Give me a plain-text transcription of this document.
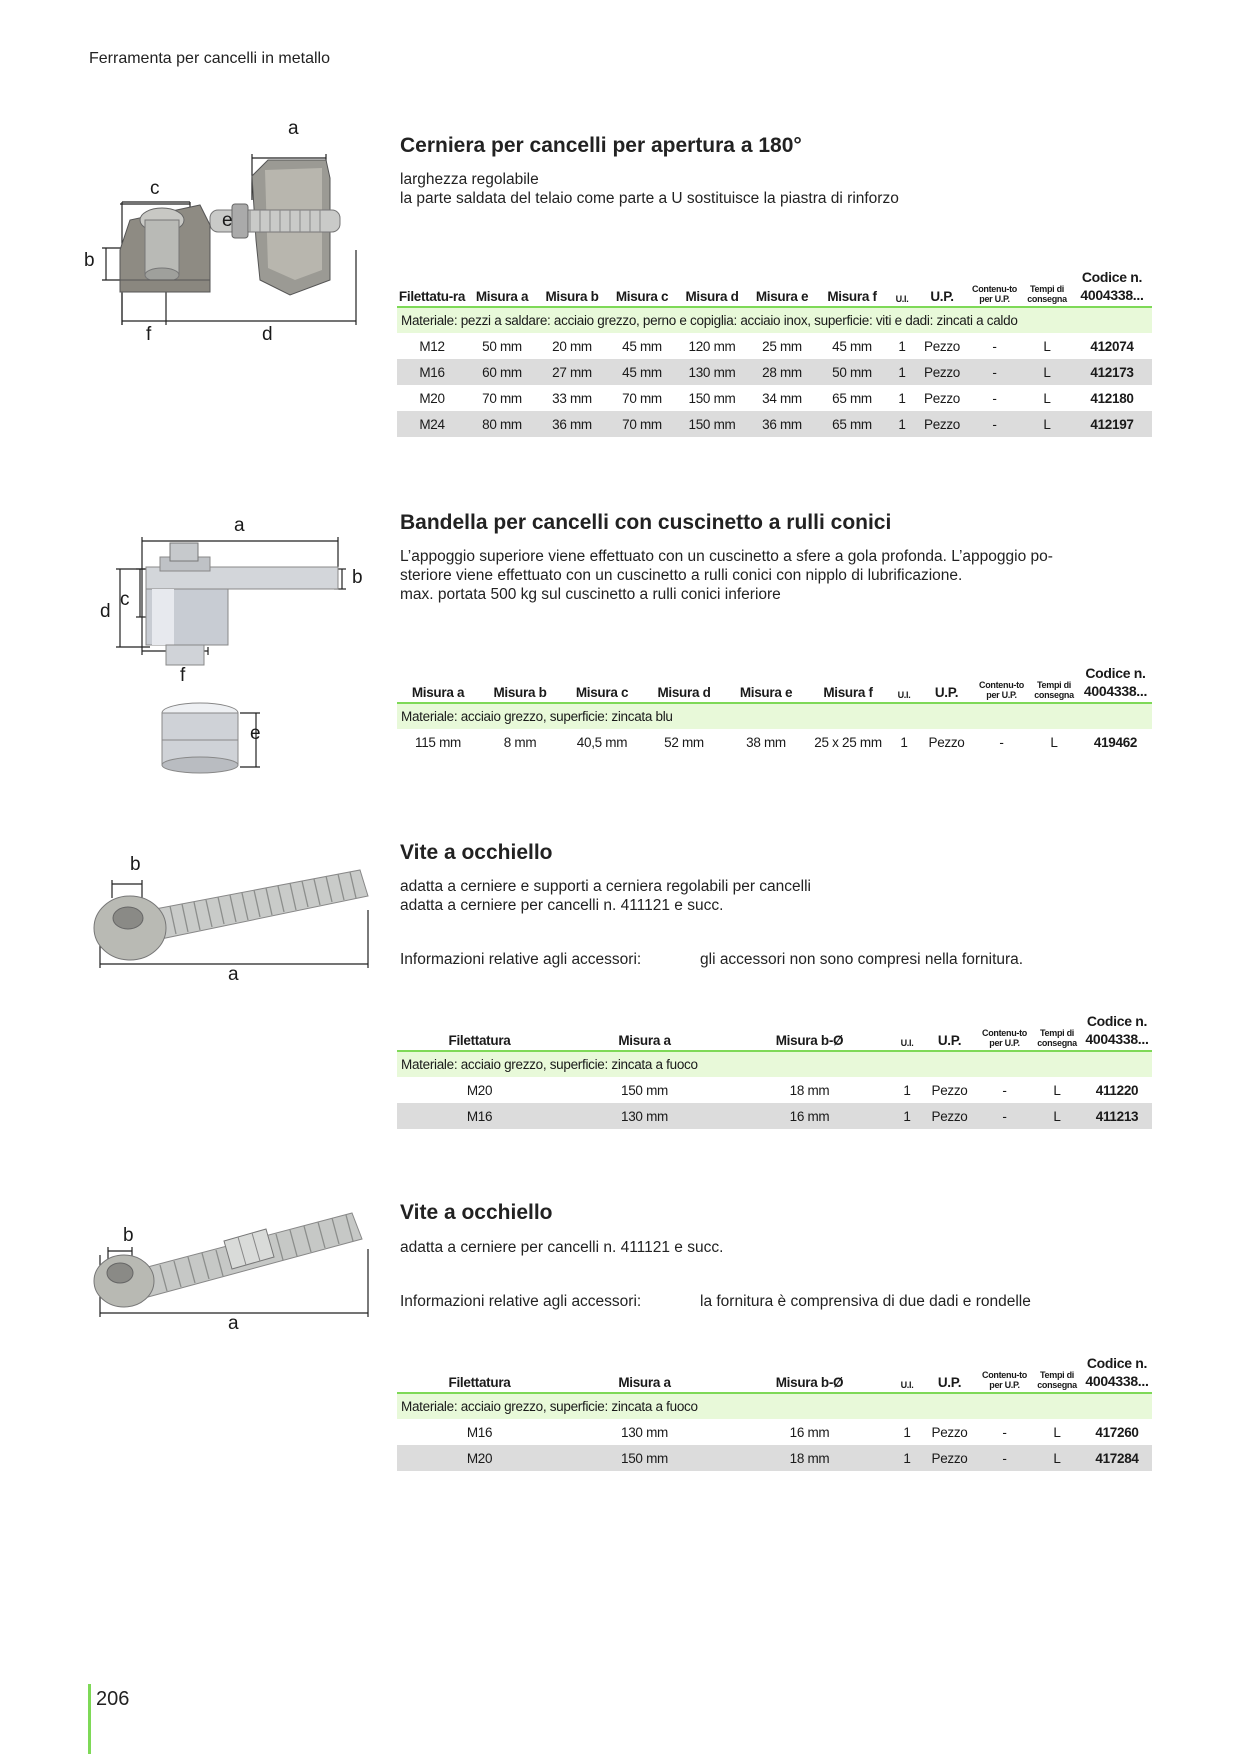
Ferramenta per cancelli in metallo
a
c
e
b
f	d
Cerniera per cancelli per apertura a 180°
larghezza regolabile
la parte saldata del telaio come parte a U sostituisce la piastra di rinforzo
Filettatu-ra	Misura a	Misura b	Misura c	Misura d	Misura e	Misura f	U.I.	U.P.	Contenu-to per U.P.	Tempi di consegna	Codice n. 4004338...
Materiale: pezzi a saldare: acciaio grezzo, perno e copiglia: acciaio inox, superficie: viti e dadi: zincati a caldo											
M12	50 mm	20 mm	45 mm	120 mm	25 mm	45 mm	1	Pezzo	-	L	412074
M16	60 mm	27 mm	45 mm	130 mm	28 mm	50 mm	1	Pezzo	-	L	412173
M20	70 mm	33 mm	70 mm	150 mm	34 mm	65 mm	1	Pezzo	-	L	412180
M24	80 mm	36 mm	70 mm	150 mm	36 mm	65 mm	1	Pezzo	-	L	412197
a
c
d
b
f
e
Bandella per cancelli con cuscinetto a rulli conici
L’appoggio superiore viene effettuato con un cuscinetto a sfere a gola profonda. L’appoggio po-
steriore viene effettuato con un cuscinetto a rulli conici con nipplo di lubrificazione.
max. portata 500 kg sul cuscinetto a rulli conici inferiore
Misura a	Misura b	Misura c	Misura d	Misura e	Misura f	U.I.	U.P.	Contenu-to per U.P.	Tempi di consegna	Codice n. 4004338...
Materiale: acciaio grezzo, superficie: zincata blu										
115 mm	8 mm	40,5 mm	52 mm	38 mm	25 x 25 mm	1	Pezzo	-	L	419462
b
a
Vite a occhiello
adatta a cerniere e supporti a cerniera regolabili per cancelli
adatta a cerniere per cancelli n. 411121 e succ.
Informazioni relative agli accessori:	gli accessori non sono compresi nella fornitura.
Filettatura	Misura a	Misura b-Ø	U.I.	U.P.	Contenu-to per U.P.	Tempi di consegna	Codice n. 4004338...
Materiale: acciaio grezzo, superficie: zincata a fuoco							
M20	150 mm	18 mm	1	Pezzo	-	L	411220
M16	130 mm	16 mm	1	Pezzo	-	L	411213
b
a
Vite a occhiello
adatta a cerniere per cancelli n. 411121 e succ.
Informazioni relative agli accessori:	la fornitura è comprensiva di due dadi e rondelle
Filettatura	Misura a	Misura b-Ø	U.I.	U.P.	Contenu-to per U.P.	Tempi di consegna	Codice n. 4004338...
Materiale: acciaio grezzo, superficie: zincata a fuoco							
M16	130 mm	16 mm	1	Pezzo	-	L	417260
M20	150 mm	18 mm	1	Pezzo	-	L	417284
206
